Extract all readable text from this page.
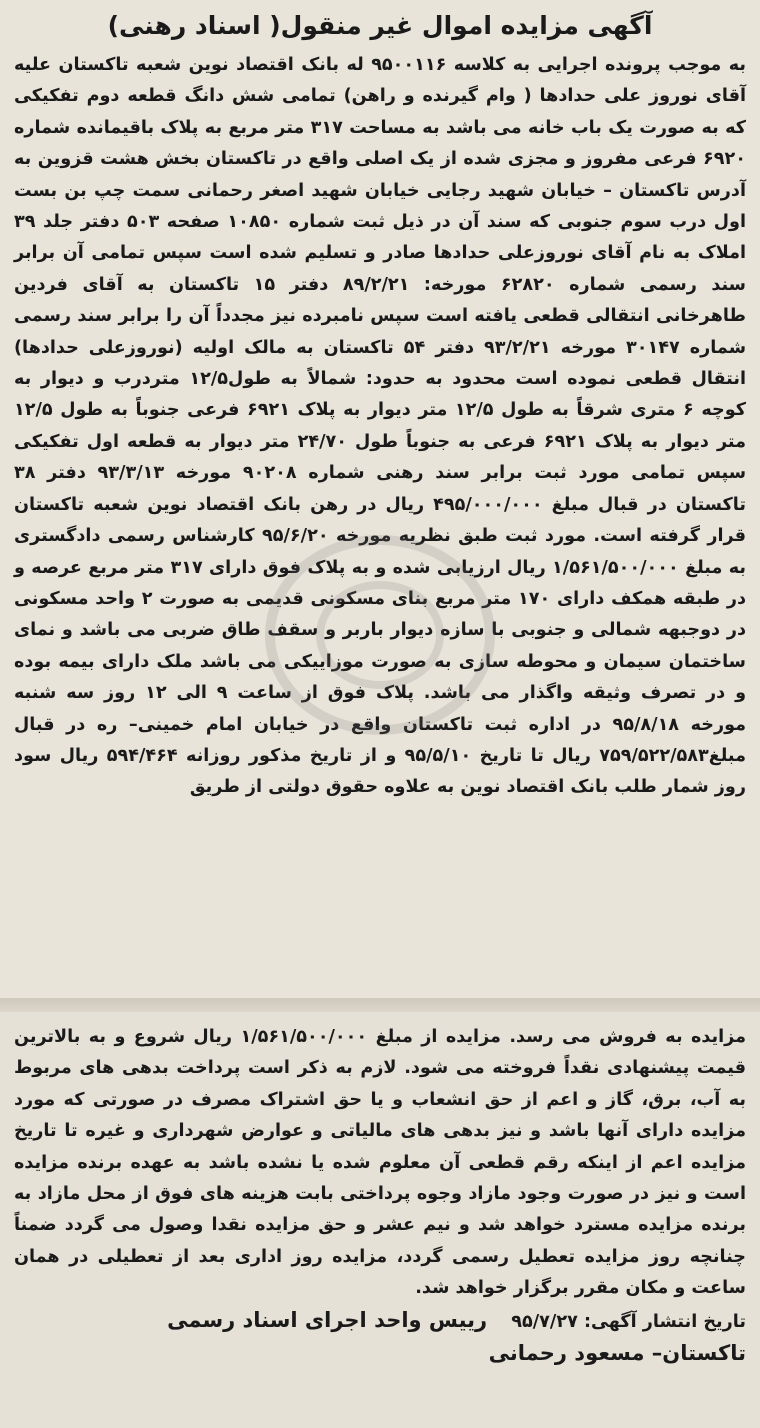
آگهی مزایده اموال غیر منقول( اسناد رهنی)
به موجب پرونده اجرایی به کلاسه ۹۵۰۰۱۱۶ له بانک اقتصاد نوین شعبه تاکستان علیه آقای نوروز علی حدادها ( وام گیرنده و راهن) تمامی شش دانگ قطعه دوم تفکیکی که به صورت یک باب خانه می باشد به مساحت ۳۱۷ متر مربع به پلاک باقیمانده شماره ۶۹۲۰ فرعی مفروز و مجزی شده از یک اصلی واقع در تاکستان بخش هشت قزوین به آدرس تاکستان – خیابان شهید رجایی خیابان شهید اصغر رحمانی سمت چپ بن بست اول درب سوم جنوبی که سند آن در ذیل ثبت شماره ۱۰۸۵۰ صفحه ۵۰۳ دفتر جلد ۳۹ املاک به نام آقای نوروزعلی حدادها صادر و تسلیم شده است سپس تمامی آن برابر سند رسمی شماره ۶۲۸۲۰ مورخه: ۸۹/۲/۲۱ دفتر ۱۵ تاکستان به آقای فردین طاهرخانی انتقالی قطعی یافته است سپس نامبرده نیز مجدداً آن را برابر سند رسمی شماره ۳۰۱۴۷ مورخه ۹۳/۲/۲۱ دفتر ۵۴ تاکستان به مالک اولیه (نوروزعلی حدادها) انتقال قطعی نموده است محدود به حدود: شمالاً به طول۱۲/۵ متردرب و دیوار به کوچه ۶ متری شرقاً به طول ۱۲/۵ متر دیوار به پلاک ۶۹۲۱ فرعی جنوباً به طول ۱۲/۵ متر دیوار به پلاک ۶۹۲۱ فرعی به جنوباً طول ۲۴/۷۰ متر دیوار به قطعه اول تفکیکی سپس تمامی مورد ثبت برابر سند رهنی شماره ۹۰۲۰۸ مورخه ۹۳/۳/۱۳ دفتر ۳۸ تاکستان در قبال مبلغ ۴۹۵/۰۰۰/۰۰۰ ریال در رهن بانک اقتصاد نوین شعبه تاکستان قرار گرفته است. مورد ثبت طبق نظریه مورخه ۹۵/۶/۲۰ کارشناس رسمی دادگستری به مبلغ ۱/۵۶۱/۵۰۰/۰۰۰ ریال ارزیابی شده و به پلاک فوق دارای ۳۱۷ متر مربع عرصه و در طبقه همکف دارای ۱۷۰ متر مربع بنای مسکونی قدیمی به صورت ۲ واحد مسکونی در دوجبهه شمالی و جنوبی با سازه دیوار باربر و سقف طاق ضربی می باشد و نمای ساختمان سیمان و محوطه سازی به صورت موزاییکی می باشد ملک دارای بیمه بوده و در تصرف وثیقه واگذار می باشد. پلاک فوق از ساعت ۹ الی ۱۲ روز سه شنبه مورخه ۹۵/۸/۱۸ در اداره ثبت تاکستان واقع در خیابان امام خمینی– ره در قبال مبلغ۷۵۹/۵۲۲/۵۸۳ ریال تا تاریخ ۹۵/۵/۱۰ و از تاریخ مذکور روزانه ۵۹۴/۴۶۴ ریال سود روز شمار طلب بانک اقتصاد نوین به علاوه حقوق دولتی از طریق
مزایده به فروش می رسد. مزایده از مبلغ ۱/۵۶۱/۵۰۰/۰۰۰ ریال شروع و به بالاترین قیمت پیشنهادی نقداً فروخته می شود. لازم به ذکر است پرداخت بدهی های مربوط به آب، برق، گاز و اعم از حق انشعاب و یا حق اشتراک مصرف در صورتی که مورد مزایده دارای آنها باشد و نیز بدهی های مالیاتی و عوارض شهرداری و غیره تا تاریخ مزایده اعم از اینکه رقم قطعی آن معلوم شده یا نشده باشد به عهده برنده مزایده است و نیز در صورت وجود مازاد وجوه پرداختی بابت هزینه های فوق از محل مازاد به برنده مزایده مسترد خواهد شد و نیم عشر و حق مزایده نقدا وصول می گردد ضمناً چنانچه روز مزایده تعطیل رسمی گردد، مزایده روز اداری بعد از تعطیلی در همان ساعت و مکان مقرر برگزار خواهد شد.
تاریخ انتشار آگهی: ۹۵/۷/۲۷ رییس واحد اجرای اسناد رسمی
تاکستان– مسعود رحمانی
